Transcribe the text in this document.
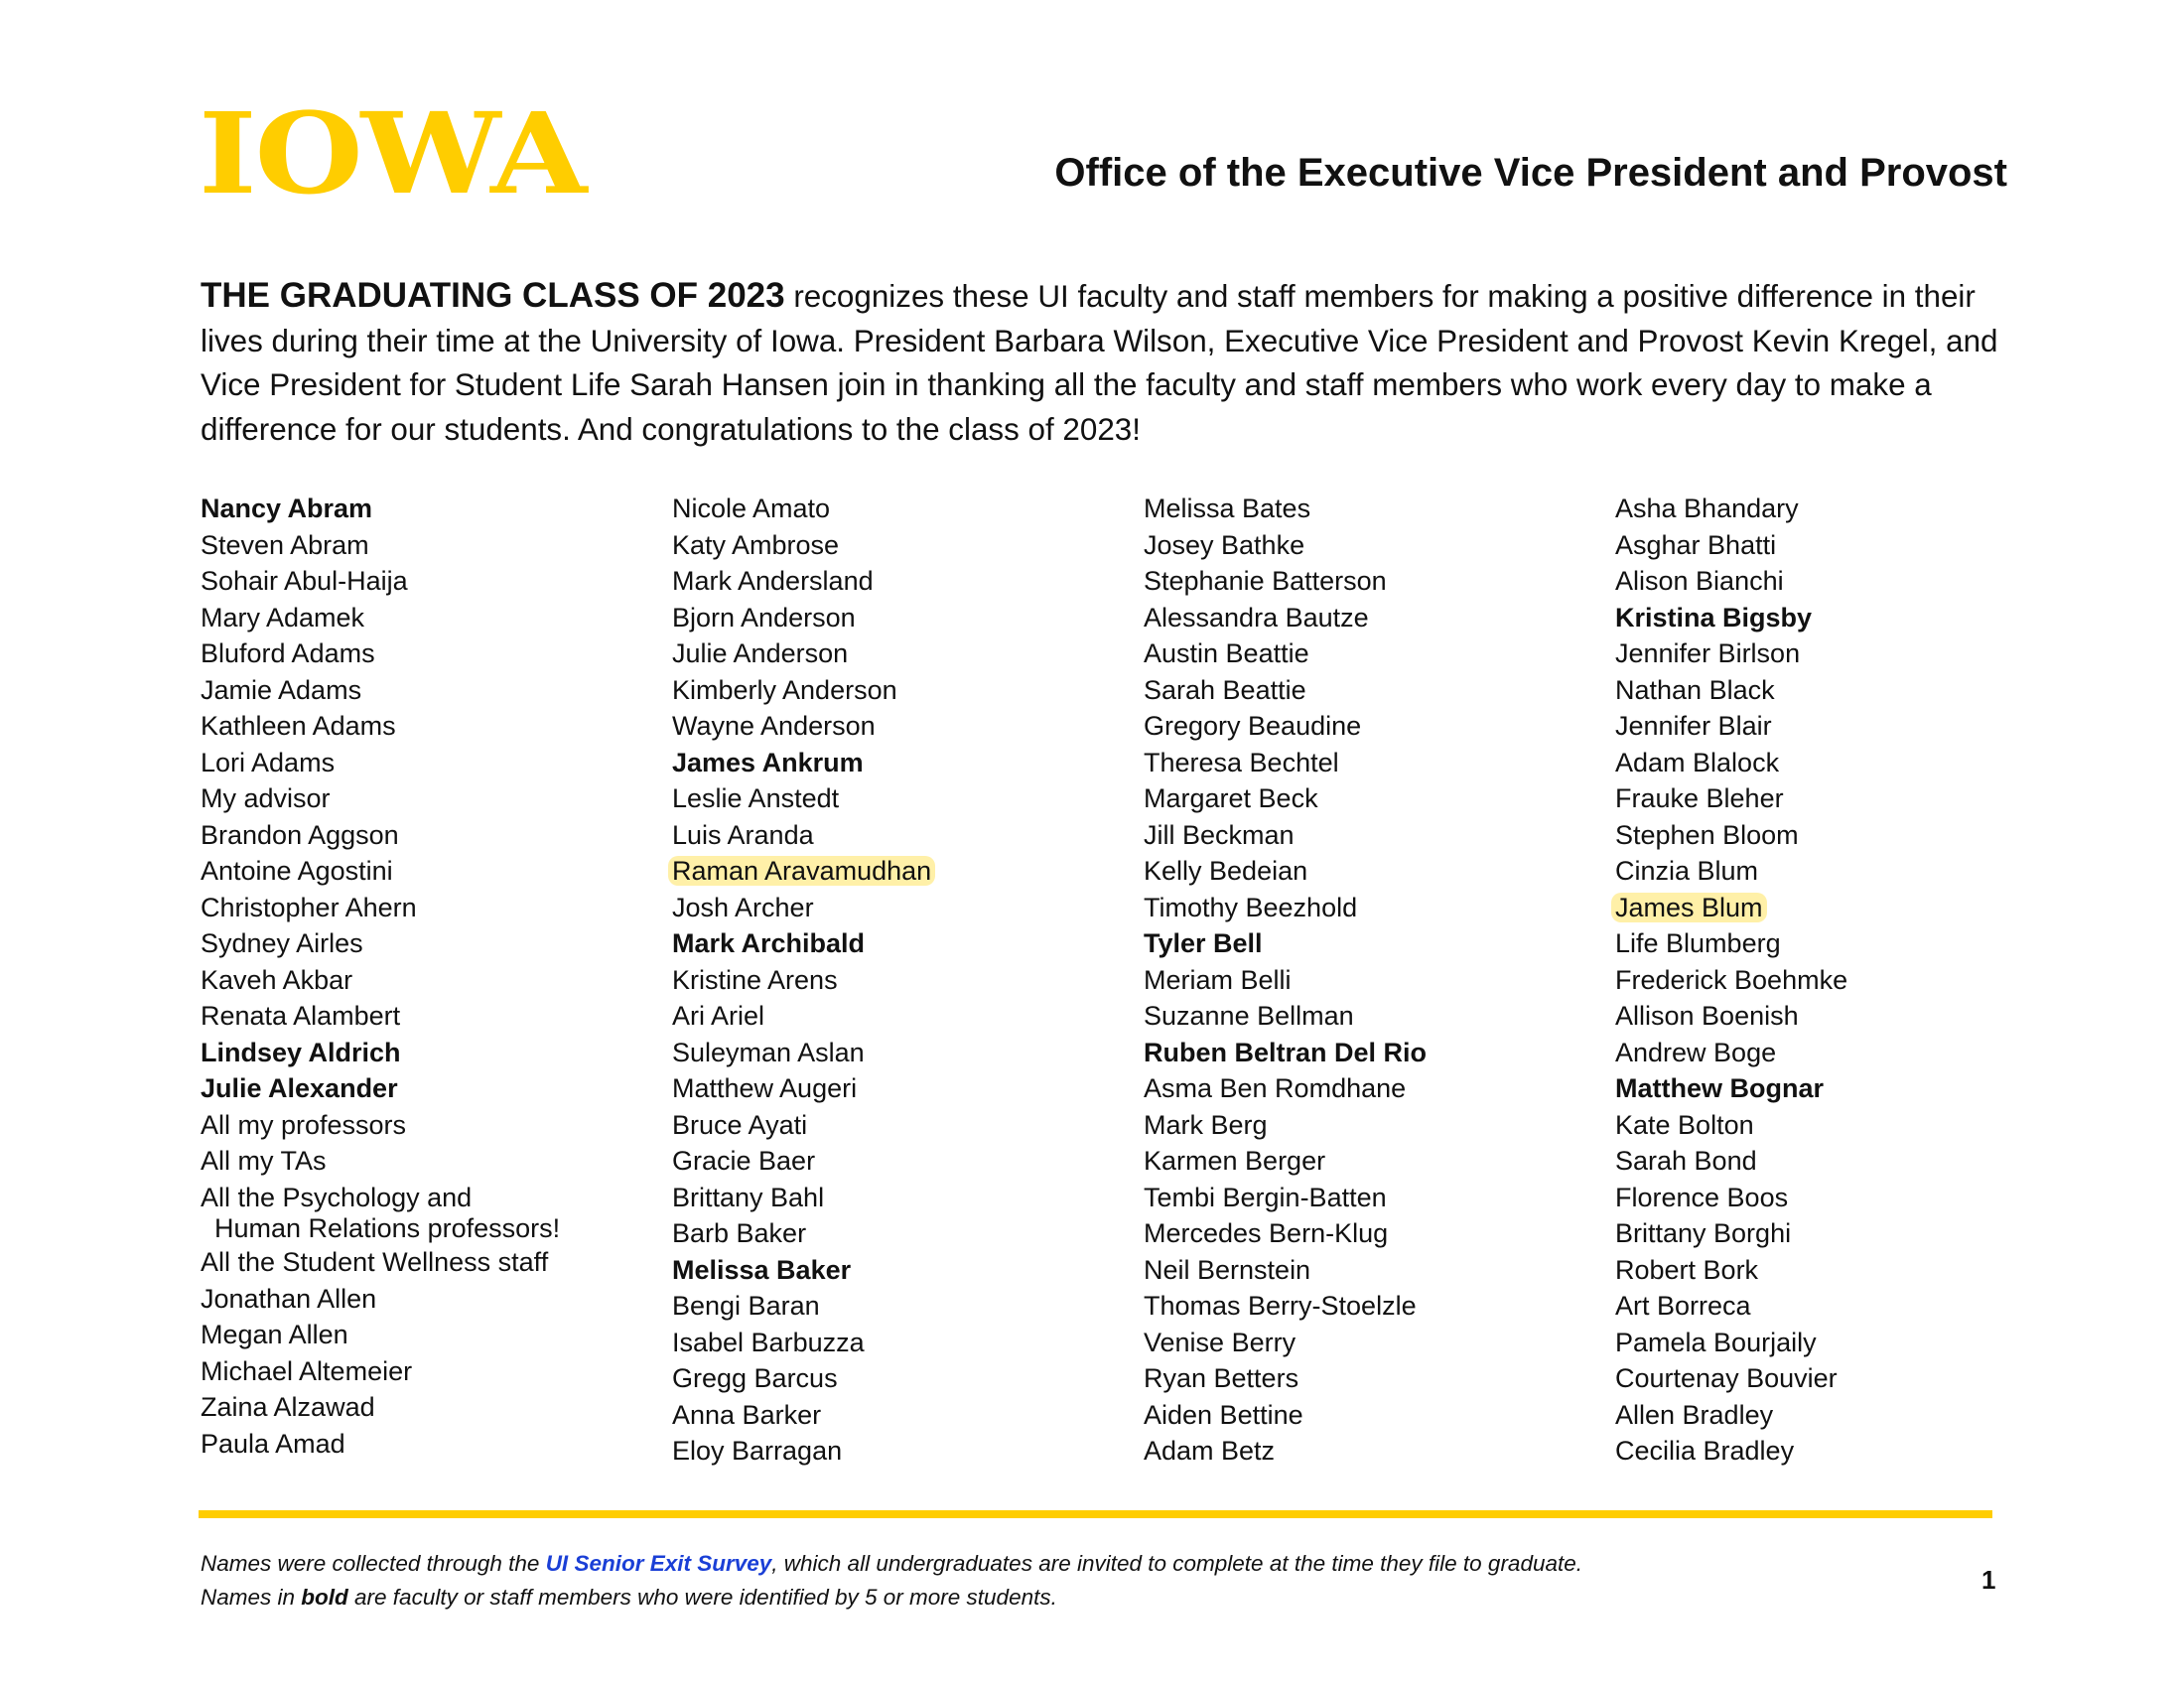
IOWA	Office of the Executive Vice President and Provost
THE GRADUATING CLASS OF 2023 recognizes these UI faculty and staff members for making a positive difference in their lives during their time at the University of Iowa. President Barbara Wilson, Executive Vice President and Provost Kevin Kregel, and Vice President for Student Life Sarah Hansen join in thanking all the faculty and staff members who work every day to make a difference for our students. And congratulations to the class of 2023!
Nancy Abram
Steven Abram
Sohair Abul-Haija
Mary Adamek
Bluford Adams
Jamie Adams
Kathleen Adams
Lori Adams
My advisor
Brandon Aggson
Antoine Agostini
Christopher Ahern
Sydney Airles
Kaveh Akbar
Renata Alambert
Lindsey Aldrich
Julie Alexander
All my professors
All my TAs
All the Psychology and
Human Relations professors!
All the Student Wellness staff
Jonathan Allen
Megan Allen
Michael Altemeier
Zaina Alzawad
Paula Amad
Nicole Amato
Katy Ambrose
Mark Andersland
Bjorn Anderson
Julie Anderson
Kimberly Anderson
Wayne Anderson
James Ankrum
Leslie Anstedt
Luis Aranda
Raman Aravamudhan
Josh Archer
Mark Archibald
Kristine Arens
Ari Ariel
Suleyman Aslan
Matthew Augeri
Bruce Ayati
Gracie Baer
Brittany Bahl
Barb Baker
Melissa Baker
Bengi Baran
Isabel Barbuzza
Gregg Barcus
Anna Barker
Eloy Barragan
Melissa Bates
Josey Bathke
Stephanie Batterson
Alessandra Bautze
Austin Beattie
Sarah Beattie
Gregory Beaudine
Theresa Bechtel
Margaret Beck
Jill Beckman
Kelly Bedeian
Timothy Beezhold
Tyler Bell
Meriam Belli
Suzanne Bellman
Ruben Beltran Del Rio
Asma Ben Romdhane
Mark Berg
Karmen Berger
Tembi Bergin-Batten
Mercedes Bern-Klug
Neil Bernstein
Thomas Berry-Stoelzle
Venise Berry
Ryan Betters
Aiden Bettine
Adam Betz
Asha Bhandary
Asghar Bhatti
Alison Bianchi
Kristina Bigsby
Jennifer Birlson
Nathan Black
Jennifer Blair
Adam Blalock
Frauke Bleher
Stephen Bloom
Cinzia Blum
James Blum
Life Blumberg
Frederick Boehmke
Allison Boenish
Andrew Boge
Matthew Bognar
Kate Bolton
Sarah Bond
Florence Boos
Brittany Borghi
Robert Bork
Art Borreca
Pamela Bourjaily
Courtenay Bouvier
Allen Bradley
Cecilia Bradley
Names were collected through the UI Senior Exit Survey, which all undergraduates are invited to complete at the time they file to graduate.
Names in bold are faculty or staff members who were identified by 5 or more students.
1
